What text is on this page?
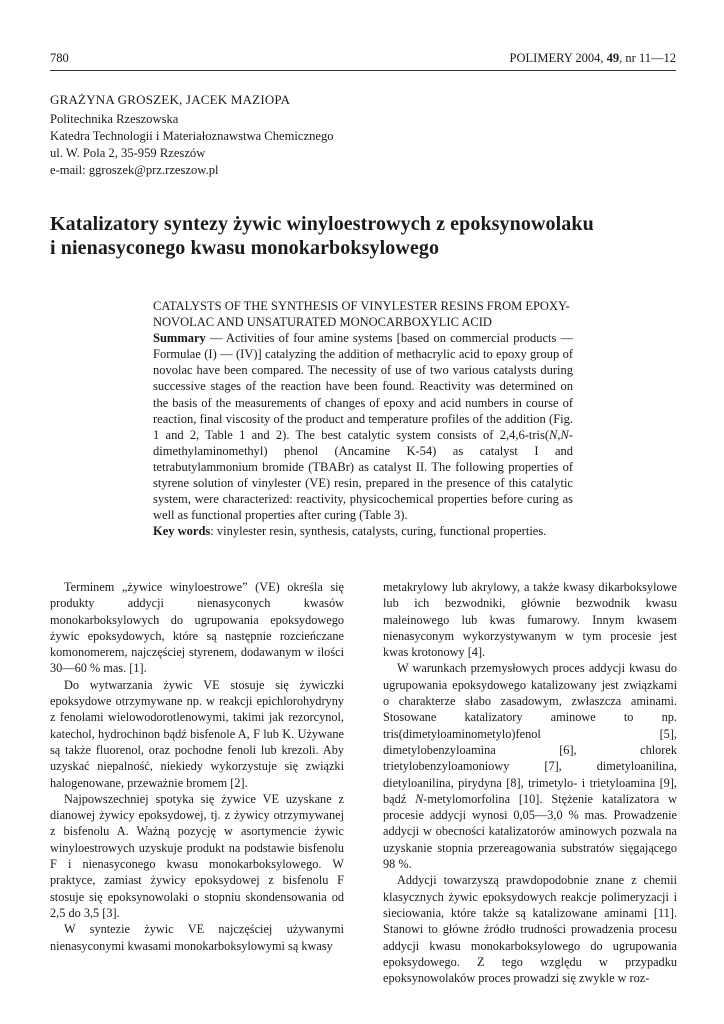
780	POLIMERY 2004, 49, nr 11—12
GRAŻYNA GROSZEK, JACEK MAZIOPA
Politechnika Rzeszowska
Katedra Technologii i Materiałoznawstwa Chemicznego
ul. W. Pola 2, 35-959 Rzeszów
e-mail: ggroszek@prz.rzeszow.pl
Katalizatory syntezy żywic winyloestrowych z epoksynowolaku
i nienasyconego kwasu monokarboksylowego
CATALYSTS OF THE SYNTHESIS OF VINYLESTER RESINS FROM EPOXY-NOVOLAC AND UNSATURATED MONOCARBOXYLIC ACID
Summary — Activities of four amine systems [based on commercial products — Formulae (I) — (IV)] catalyzing the addition of methacrylic acid to epoxy group of novolac have been compared. The necessity of use of two various catalysts during successive stages of the reaction have been found. Reactivity was determined on the basis of the measurements of changes of epoxy and acid numbers in course of reaction, final viscosity of the product and temperature profiles of the addition (Fig. 1 and 2, Table 1 and 2). The best catalytic system consists of 2,4,6-tris(N,N-dimethylaminomethyl) phenol (Ancamine K-54) as catalyst I and tetrabutylammonium bromide (TBABr) as catalyst II. The following properties of styrene solution of vinylester (VE) resin, prepared in the presence of this catalytic system, were characterized: reactivity, physicochemical properties before curing as well as functional properties after curing (Table 3).
Key words: vinylester resin, synthesis, catalysts, curing, functional properties.

Terminem „żywice winyloestrowe” (VE) określa się produkty addycji nienasyconych kwasów monokarboksylowych do ugrupowania epoksydowego żywic epoksydowych, które są następnie rozcieńczane komonomerem, najczęściej styrenem, dodawanym w ilości 30—60 % mas. [1].

Do wytwarzania żywic VE stosuje się żywiczki epoksydowe otrzymywane np. w reakcji epichlorohydryny z fenolami wielowodorotlenowymi, takimi jak rezorcynol, katechol, hydrochinon bądź bisfenole A, F lub K. Używane są także fluorenol, oraz pochodne fenoli lub krezoli. Aby uzyskać niepalność, niekiedy wykorzystuje się związki halogenowane, przeważnie bromem [2].

Najpowszechniej spotyka się żywice VE uzyskane z dianowej żywicy epoksydowej, tj. z żywicy otrzymywanej z bisfenolu A. Ważną pozycję w asortymencie żywic winyloestrowych uzyskuje produkt na podstawie bisfenolu F i nienasyconego kwasu monokarboksylowego. W praktyce, zamiast żywicy epoksydowej z bisfenolu F stosuje się epoksynowolaki o stopniu skondensowania od 2,5 do 3,5 [3].

W syntezie żywic VE najczęściej używanymi nienasyconymi kwasami monokarboksylowymi są kwasy

metakrylowy lub akrylowy, a także kwasy dikarboksylowe lub ich bezwodniki, głównie bezwodnik kwasu maleinowego lub kwas fumarowy. Innym kwasem nienasyconym wykorzystywanym w tym procesie jest kwas krotonowy [4].

W warunkach przemysłowych proces addycji kwasu do ugrupowania epoksydowego katalizowany jest związkami o charakterze słabo zasadowym, zwłaszcza aminami. Stosowane katalizatory aminowe to np. tris(dimetyloaminometylo)fenol [5], dimetylobenzyloamina [6], chlorek trietylobenzyloamoniowy [7], dimetyloanilina, dietyloanilina, pirydyna [8], trimetylo- i trietyloamina [9], bądź N-metylomorfolina [10]. Stężenie katalizatora w procesie addycji wynosi 0,05—3,0 % mas. Prowadzenie addycji w obecności katalizatorów aminowych pozwala na uzyskanie stopnia przereagowania substratów sięgającego 98 %.

Addycji towarzyszą prawdopodobnie znane z chemii klasycznych żywic epoksydowych reakcje polimeryzacji i sieciowania, które także są katalizowane aminami [11]. Stanowi to główne źródło trudności prowadzenia procesu addycji kwasu monokarboksylowego do ugrupowania epoksydowego. Z tego względu w przypadku epoksynowolaków proces prowadzi się zwykle w roz-
